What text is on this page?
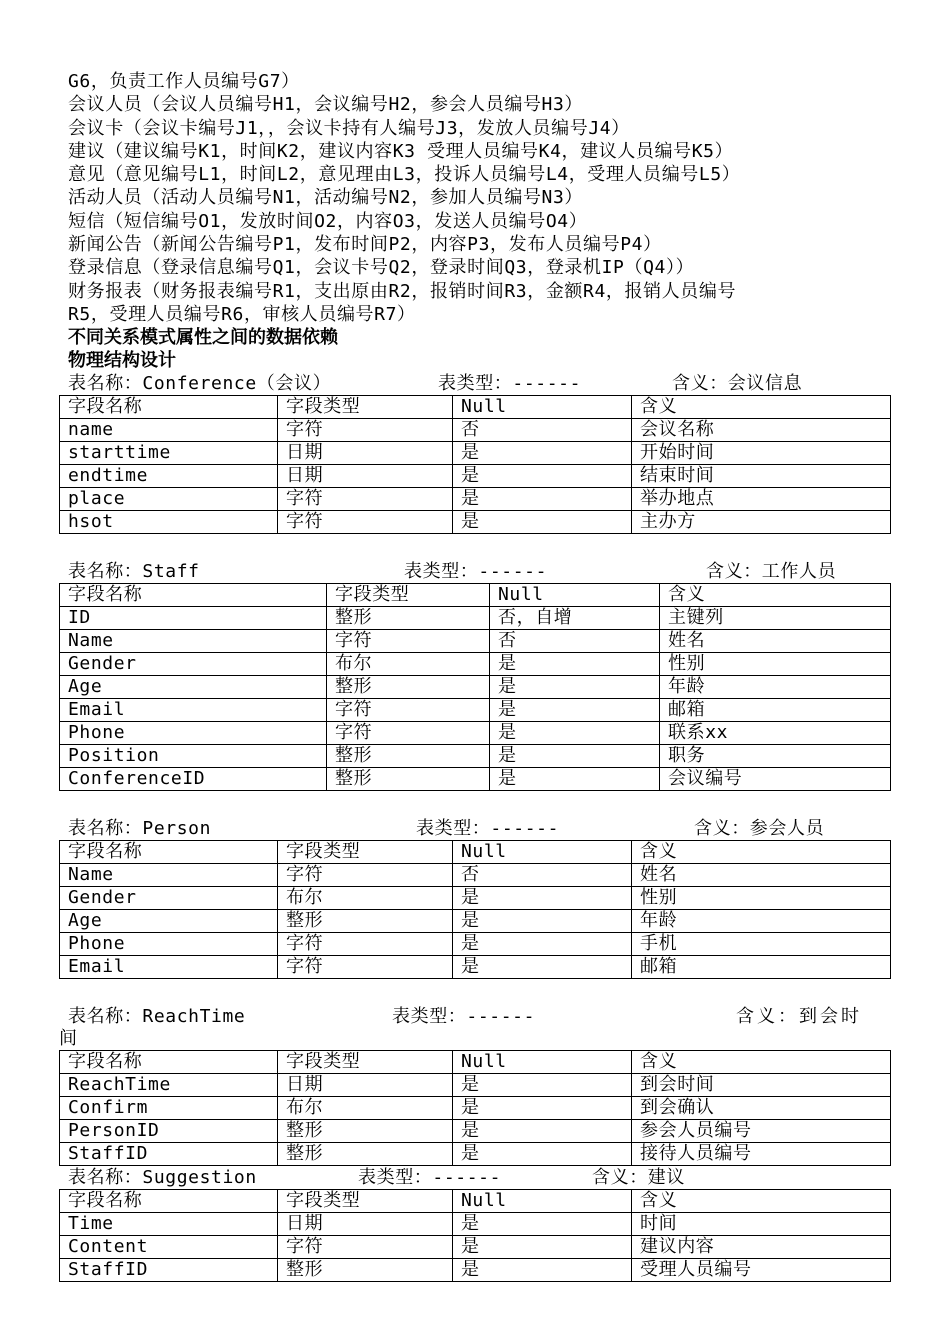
G6，负责工作人员编号G7）
会议人员（会议人员编号H1，会议编号H2，参会人员编号H3）
会议卡（会议卡编号J1，，会议卡持有人编号J3，发放人员编号J4）
建议（建议编号K1，时间K2，建议内容K3 受理人员编号K4，建议人员编号K5）
意见（意见编号L1，时间L2，意见理由L3，投诉人员编号L4，受理人员编号L5）
活动人员（活动人员编号N1，活动编号N2，参加人员编号N3）
短信（短信编号O1，发放时间O2，内容O3，发送人员编号O4）
新闻公告（新闻公告编号P1，发布时间P2，内容P3，发布人员编号P4）
登录信息（登录信息编号Q1，会议卡号Q2，登录时间Q3，登录机IP（Q4））
财务报表（财务报表编号R1，支出原由R2，报销时间R3，金额R4，报销人员编号
R5，受理人员编号R6，审核人员编号R7）
不同关系模式属性之间的数据依赖
物理结构设计
表名称：Conference（会议）	表类型：------	含义：会议信息
字段名称	字段类型	Null	含义
name	字符	否	会议名称
starttime	日期	是	开始时间
endtime	日期	是	结束时间
place	字符	是	举办地点
hsot	字符	是	主办方
表名称：Staff	表类型：------	含义：工作人员
字段名称	字段类型	Null	含义
ID	整形	否，自增	主键列
Name	字符	否	姓名
Gender	布尔	是	性别
Age	整形	是	年龄
Email	字符	是	邮箱
Phone	字符	是	联系xx
Position	整形	是	职务
ConferenceID	整形	是	会议编号
表名称：Person	表类型：------	含义：参会人员
字段名称	字段类型	Null	含义
Name	字符	否	姓名
Gender	布尔	是	性别
Age	整形	是	年龄
Phone	字符	是	手机
Email	字符	是	邮箱
表名称：ReachTime	表类型：------	含义：到会时
间
字段名称	字段类型	Null	含义
ReachTime	日期	是	到会时间
Confirm	布尔	是	到会确认
PersonID	整形	是	参会人员编号
StaffID	整形	是	接待人员编号
表名称：Suggestion	表类型：------	含义：建议
字段名称	字段类型	Null	含义
Time	日期	是	时间
Content	字符	是	建议内容
StaffID	整形	是	受理人员编号
